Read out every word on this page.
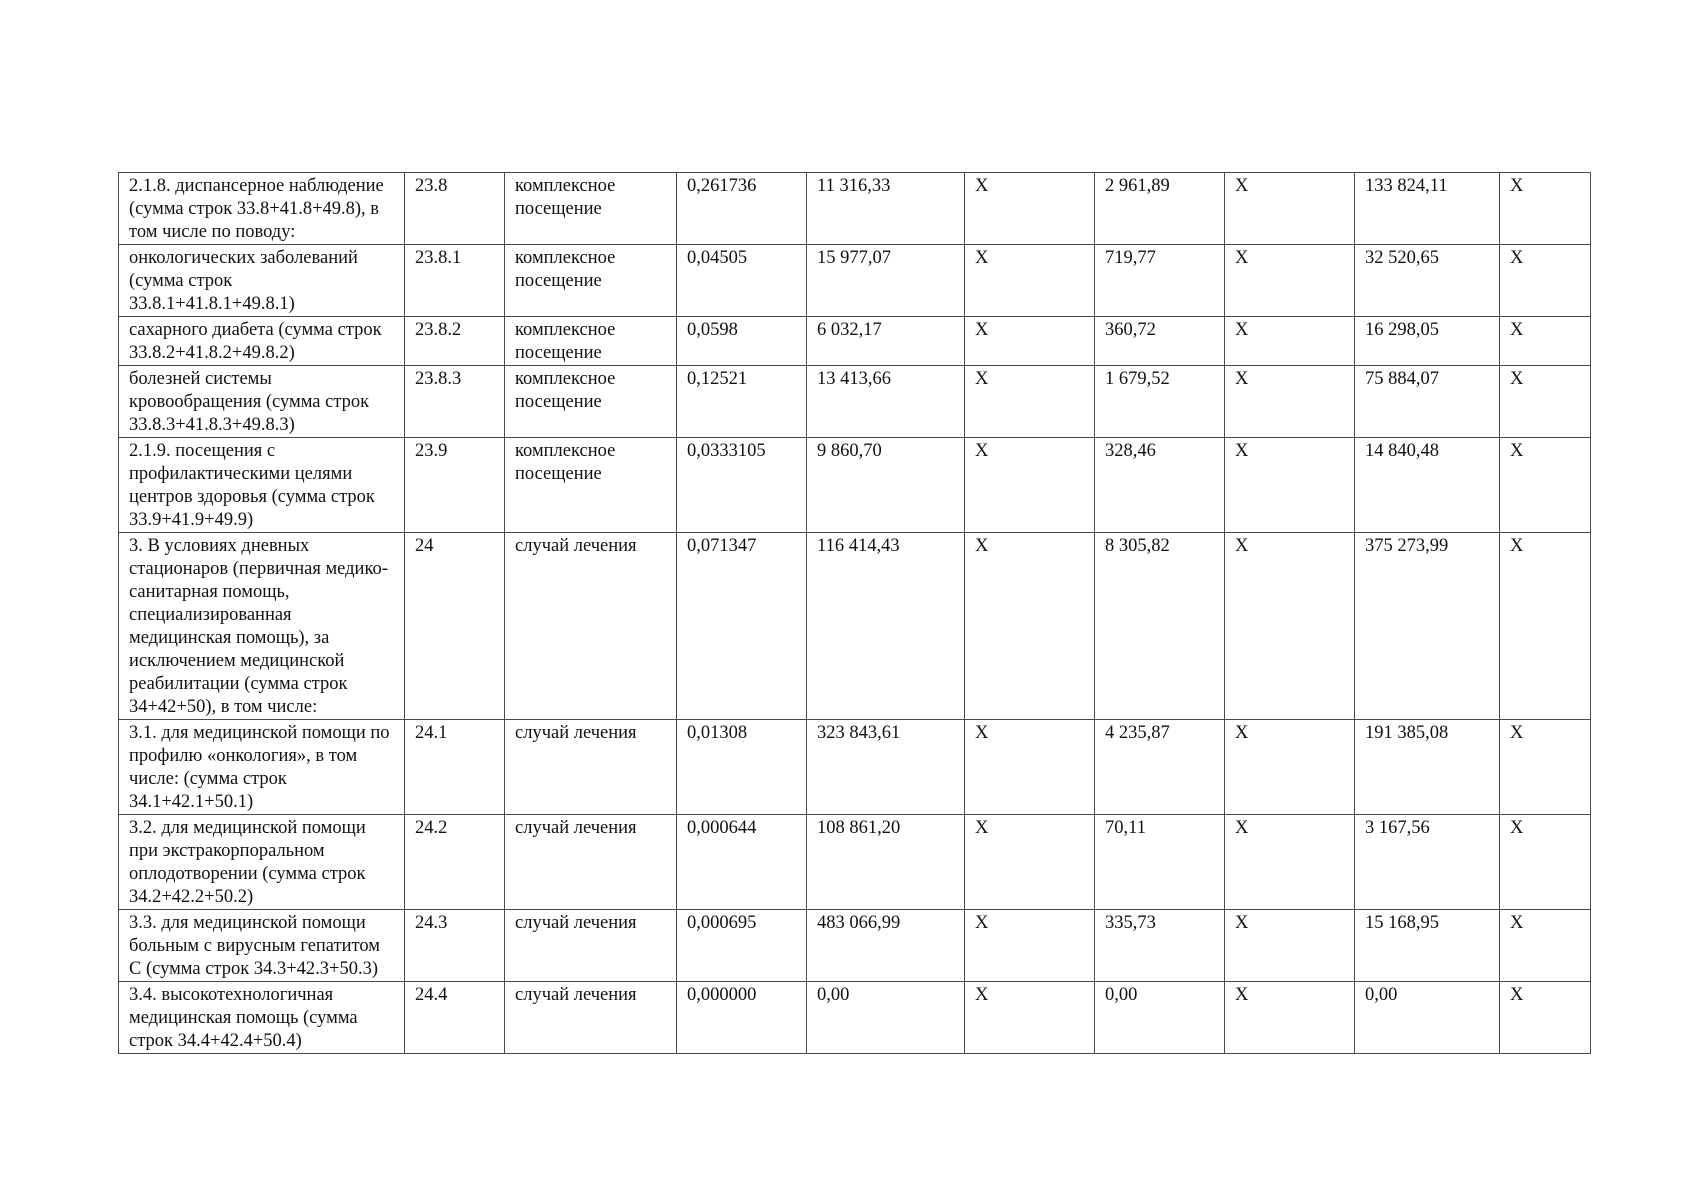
2.1.8. диспансерное наблюдение (сумма строк 33.8+41.8+49.8), в том числе по поводу:	23.8	комплексное посещение	0,261736	11 316,33	X	2 961,89	X	133 824,11	X
онкологических заболеваний (сумма строк 33.8.1+41.8.1+49.8.1)	23.8.1	комплексное посещение	0,04505	15 977,07	X	719,77	X	32 520,65	X
сахарного диабета (сумма строк 33.8.2+41.8.2+49.8.2)	23.8.2	комплексное посещение	0,0598	6 032,17	X	360,72	X	16 298,05	X
болезней системы кровообращения (сумма строк 33.8.3+41.8.3+49.8.3)	23.8.3	комплексное посещение	0,12521	13 413,66	X	1 679,52	X	75 884,07	X
2.1.9. посещения с профилактическими целями центров здоровья (сумма строк 33.9+41.9+49.9)	23.9	комплексное посещение	0,0333105	9 860,70	X	328,46	X	14 840,48	X
3. В условиях дневных стационаров (первичная медико-санитарная помощь, специализированная медицинская помощь), за исключением медицинской реабилитации (сумма строк 34+42+50), в том числе:	24	случай лечения	0,071347	116 414,43	X	8 305,82	X	375 273,99	X
3.1. для медицинской помощи по профилю «онкология», в том числе: (сумма строк 34.1+42.1+50.1)	24.1	случай лечения	0,01308	323 843,61	X	4 235,87	X	191 385,08	X
3.2. для медицинской помощи при экстракорпоральном оплодотворении (сумма строк 34.2+42.2+50.2)	24.2	случай лечения	0,000644	108 861,20	X	70,11	X	3 167,56	X
3.3. для медицинской помощи больным с вирусным гепатитом С (сумма строк 34.3+42.3+50.3)	24.3	случай лечения	0,000695	483 066,99	X	335,73	X	15 168,95	X
3.4. высокотехнологичная медицинская помощь (сумма строк 34.4+42.4+50.4)	24.4	случай лечения	0,000000	0,00	X	0,00	X	0,00	X
